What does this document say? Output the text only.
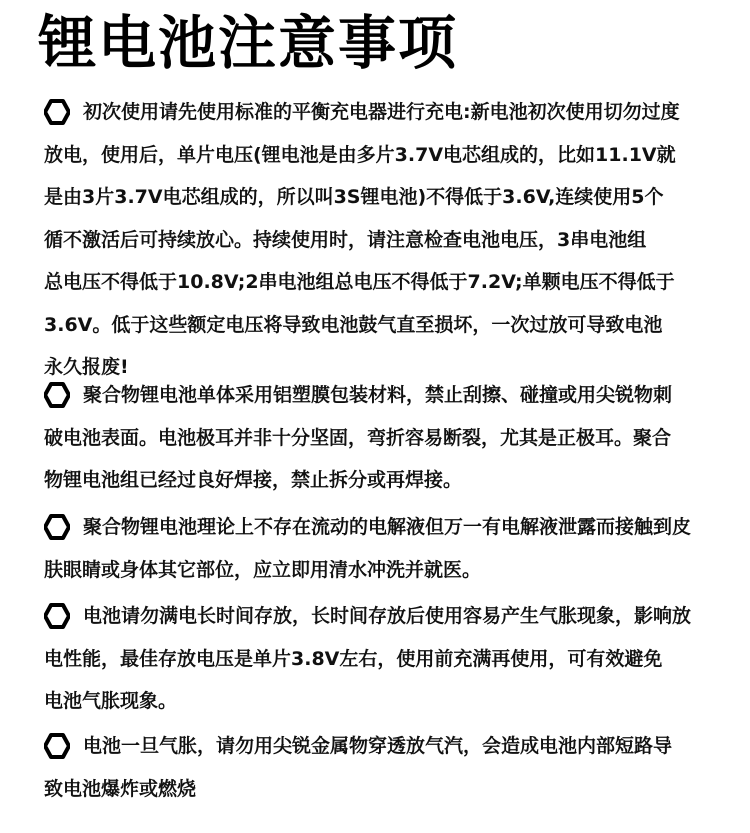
锂电池注意事项
初次使用请先使用标准的平衡充电器进行充电:新电池初次使用切勿过度
放电，使用后，单片电压(锂电池是由多片3.7V电芯组成的，比如11.1V就
是由3片3.7V电芯组成的，所以叫3S锂电池)不得低于3.6V,连续使用5个
循不激活后可持续放心。持续使用时，请注意检查电池电压，3串电池组
总电压不得低于10.8V;2串电池组总电压不得低于7.2V;单颗电压不得低于
3.6V。低于这些额定电压将导致电池鼓气直至损坏，一次过放可导致电池
永久报废!
聚合物锂电池单体采用铝塑膜包装材料，禁止刮擦、碰撞或用尖锐物刺
破电池表面。电池极耳并非十分坚固，弯折容易断裂，尤其是正极耳。聚合
物锂电池组已经过良好焊接，禁止拆分或再焊接。
聚合物锂电池理论上不存在流动的电解液但万一有电解液泄露而接触到皮
肤眼睛或身体其它部位，应立即用清水冲洗并就医。
电池请勿满电长时间存放，长时间存放后使用容易产生气胀现象，影响放
电性能，最佳存放电压是单片3.8V左右，使用前充满再使用，可有效避免
电池气胀现象。
电池一旦气胀，请勿用尖锐金属物穿透放气汽，会造成电池内部短路导
致电池爆炸或燃烧
